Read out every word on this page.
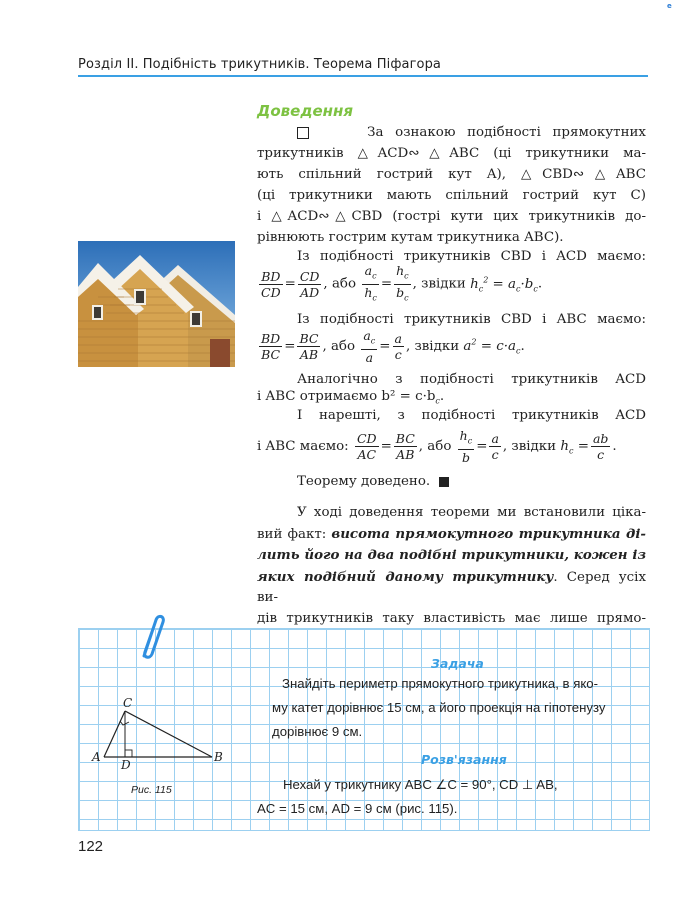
e
Розділ II. Подібність трикутників. Теорема Піфагора
Доведення
За ознакою подібності прямокутних
трикутників △ACD∾△ABC (ці трикутники ма-
ють спільний гострий кут A), △CBD∾△ABC
(ці трикутники мають спільний гострий кут C)
і △ACD∾△CBD (гострі кути цих трикутників до-
рівнюють гострим кутам трикутника ABC).
Із подібності трикутників CBD і ACD маємо:
$\frac{BD}{CD} = \frac{CD}{AD}$ , або $\frac{a_c}{h_c} = \frac{h_c}{b_c}$ , звідки $h_c^2 = a_c\cdot b_c$.
Із подібності трикутників CBD і ABC маємо:
$\frac{BD}{BC} = \frac{BC}{AB}$ , або $\frac{a_c}{a} = \frac{a}{c}$ , звідки $a^2 = c\cdot a_c$.
Аналогічно з подібності трикутників ACD
і ABC отримаємо $b^2 = c\cdot b_c$.
І нарешті, з подібності трикутників ACD
і ABC маємо: $\frac{CD}{AC} = \frac{BC}{AB}$ , або $\frac{h_c}{b} = \frac{a}{c}$ , звідки $h_c = \frac{ab}{c}$ .
Теорему доведено.
У ході доведення теореми ми встановили ціка-
вий факт: висота прямокутного трикутника ді-
лить його на два подібні трикутники, кожен із
яких подібний даному трикутнику. Серед усіх ви-
дів трикутників таку властивість має лише прямо-
Задача
Знайдіть периметр прямокутного трикутника, в яко-
му катет дорівнює 15 см, а його проекція на гіпотенузу
дорівнює 9 см.
Розв'язання
Нехай у трикутнику ABC ∠C = 90°, CD ⊥ AB,
AC = 15 см, AD = 9 см (рис. 115).
C
A
D
B
Рис. 115
122
